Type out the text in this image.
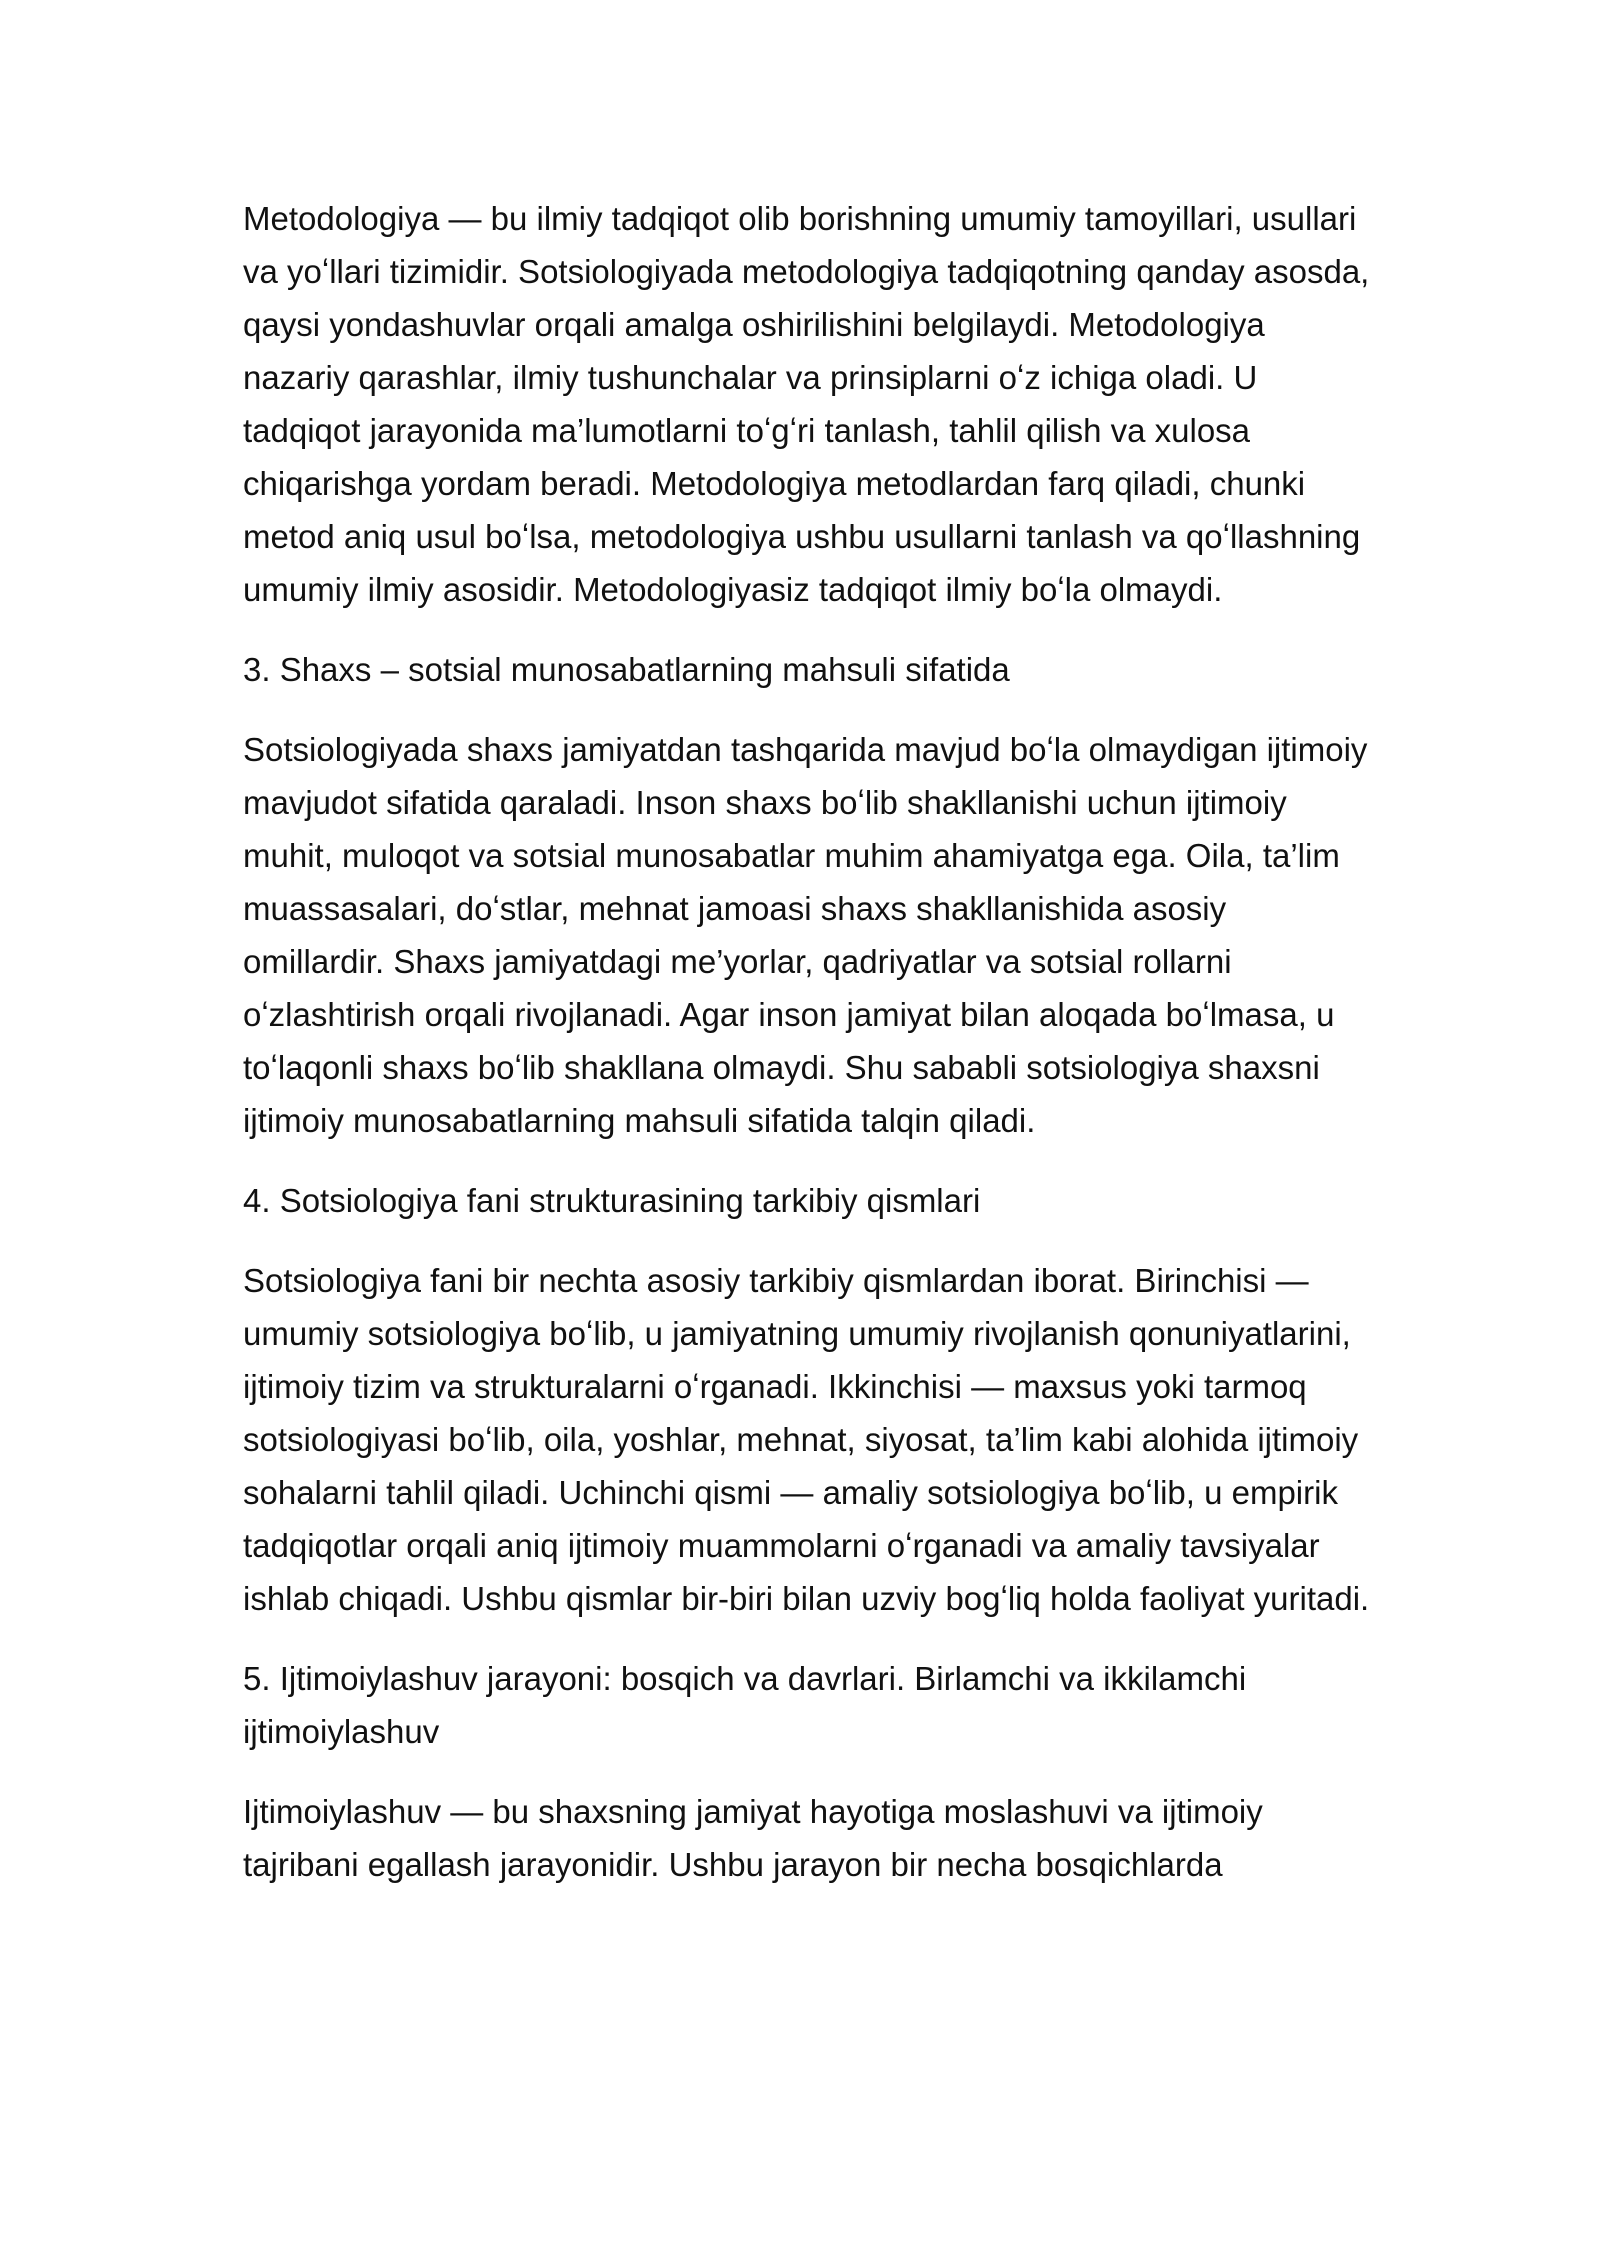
Metodologiya — bu ilmiy tadqiqot olib borishning umumiy tamoyillari, usullari va yoʻllari tizimidir. Sotsiologiyada metodologiya tadqiqotning qanday asosda, qaysi yondashuvlar orqali amalga oshirilishini belgilaydi. Metodologiya nazariy qarashlar, ilmiy tushunchalar va prinsiplarni oʻz ichiga oladi. U tadqiqot jarayonida ma’lumotlarni toʻgʻri tanlash, tahlil qilish va xulosa chiqarishga yordam beradi. Metodologiya metodlardan farq qiladi, chunki metod aniq usul boʻlsa, metodologiya ushbu usullarni tanlash va qoʻllashning umumiy ilmiy asosidir. Metodologiyasiz tadqiqot ilmiy boʻla olmaydi.

3. Shaxs – sotsial munosabatlarning mahsuli sifatida

Sotsiologiyada shaxs jamiyatdan tashqarida mavjud boʻla olmaydigan ijtimoiy mavjudot sifatida qaraladi. Inson shaxs boʻlib shakllanishi uchun ijtimoiy muhit, muloqot va sotsial munosabatlar muhim ahamiyatga ega. Oila, ta’lim muassasalari, doʻstlar, mehnat jamoasi shaxs shakllanishida asosiy omillardir. Shaxs jamiyatdagi me’yorlar, qadriyatlar va sotsial rollarni oʻzlashtirish orqali rivojlanadi. Agar inson jamiyat bilan aloqada boʻlmasa, u toʻlaqonli shaxs boʻlib shakllana olmaydi. Shu sababli sotsiologiya shaxsni ijtimoiy munosabatlarning mahsuli sifatida talqin qiladi.

4. Sotsiologiya fani strukturasining tarkibiy qismlari

Sotsiologiya fani bir nechta asosiy tarkibiy qismlardan iborat. Birinchisi — umumiy sotsiologiya boʻlib, u jamiyatning umumiy rivojlanish qonuniyatlarini, ijtimoiy tizim va strukturalarni oʻrganadi. Ikkinchisi — maxsus yoki tarmoq sotsiologiyasi boʻlib, oila, yoshlar, mehnat, siyosat, ta’lim kabi alohida ijtimoiy sohalarni tahlil qiladi. Uchinchi qismi — amaliy sotsiologiya boʻlib, u empirik tadqiqotlar orqali aniq ijtimoiy muammolarni oʻrganadi va amaliy tavsiyalar ishlab chiqadi. Ushbu qismlar bir-biri bilan uzviy bogʻliq holda faoliyat yuritadi.

5. Ijtimoiylashuv jarayoni: bosqich va davrlari. Birlamchi va ikkilamchi ijtimoiylashuv

Ijtimoiylashuv — bu shaxsning jamiyat hayotiga moslashuvi va ijtimoiy tajribani egallash jarayonidir. Ushbu jarayon bir necha bosqichlarda
